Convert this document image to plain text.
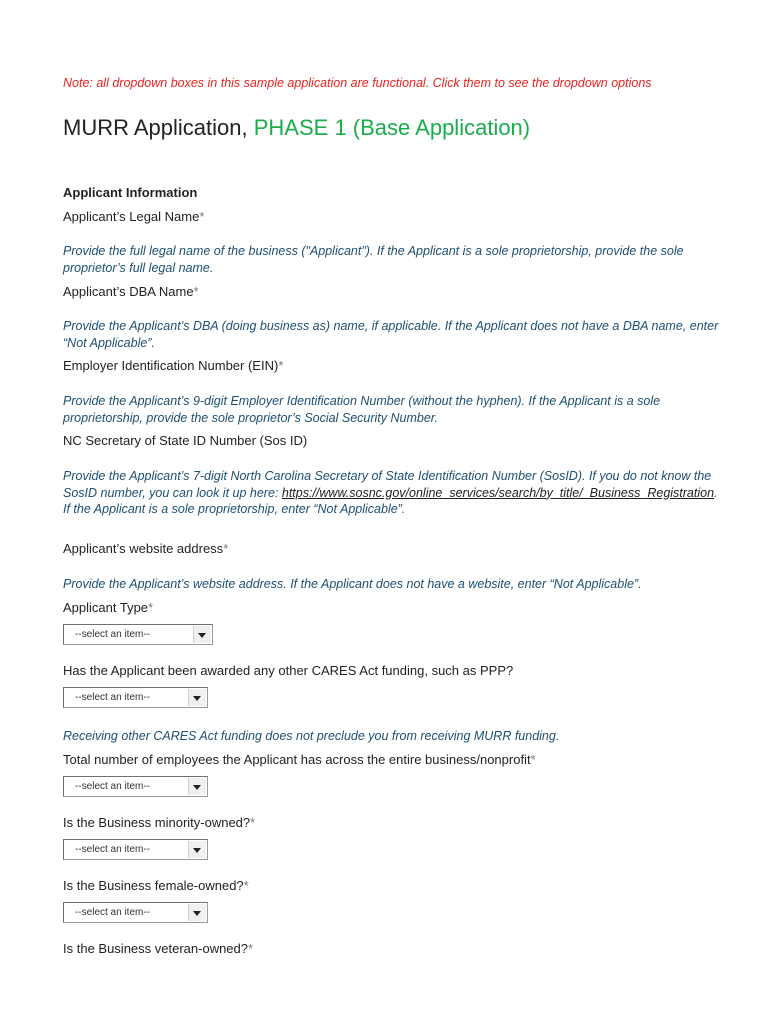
Note: all dropdown boxes in this sample application are functional. Click them to see the dropdown options
MURR Application, PHASE 1 (Base Application)
Applicant Information
Applicant’s Legal Name*
Provide the full legal name of the business ("Applicant"). If the Applicant is a sole proprietorship, provide the sole proprietor’s full legal name.
Applicant’s DBA Name*
Provide the Applicant’s DBA (doing business as) name, if applicable. If the Applicant does not have a DBA name, enter “Not Applicable”.
Employer Identification Number (EIN)*
Provide the Applicant’s 9-digit Employer Identification Number (without the hyphen). If the Applicant is a sole proprietorship, provide the sole proprietor’s Social Security Number.
NC Secretary of State ID Number (Sos ID)
Provide the Applicant’s 7-digit North Carolina Secretary of State Identification Number (SosID). If you do not know the SosID number, you can look it up here: https://www.sosnc.gov/online_services/search/by_title/_Business_Registration. If the Applicant is a sole proprietorship, enter “Not Applicable”.
Applicant’s website address*
Provide the Applicant’s website address. If the Applicant does not have a website, enter “Not Applicable”.
Applicant Type*
--select an item--
Has the Applicant been awarded any other CARES Act funding, such as PPP?
--select an item--
Receiving other CARES Act funding does not preclude you from receiving MURR funding.
Total number of employees the Applicant has across the entire business/nonprofit*
--select an item--
Is the Business minority-owned?*
--select an item--
Is the Business female-owned?*
--select an item--
Is the Business veteran-owned?*
